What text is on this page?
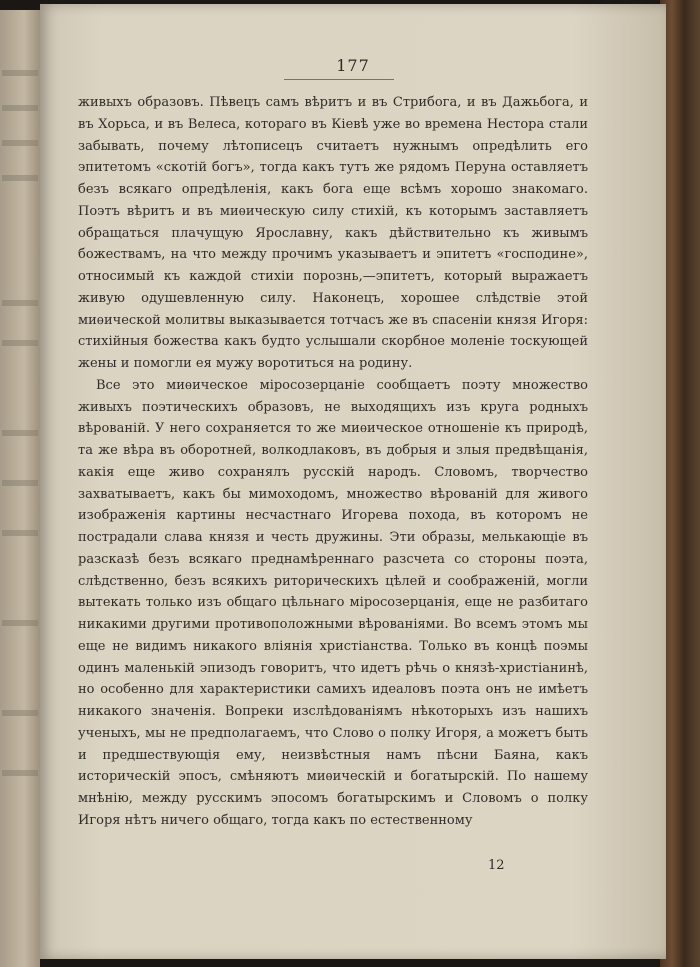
177

живыхъ образовъ. Пѣвецъ самъ вѣритъ и въ Стрибога, и въ Дажьбога, и въ Хорьса, и въ Велеса, котораго въ Кіевѣ уже во времена Нестора стали забывать, почему лѣтописецъ считаетъ нужнымъ опредѣлить его эпитетомъ «скотій богъ», тогда какъ тутъ же рядомъ Перуна оставляетъ безъ всякаго опредѣленія, какъ бога еще всѣмъ хорошо знакомаго. Поэтъ вѣритъ и въ миѳическую силу стихій, къ которымъ заставляетъ обращаться плачущую Ярославну, какъ дѣйствительно къ живымъ божествамъ, на что между прочимъ указываетъ и эпитетъ «господине», относимый къ каждой стихіи порознь,—эпитетъ, который выражаетъ живую одушевленную силу. Наконецъ, хорошее слѣдствіе этой миѳической молитвы выказывается тотчасъ же въ спасеніи князя Игоря: стихійныя божества какъ будто услышали скорбное моленіе тоскующей жены и помогли ея мужу воротиться на родину.

Все это миѳическое міросозерцаніе сообщаетъ поэту множество живыхъ поэтическихъ образовъ, не выходящихъ изъ круга родныхъ вѣрованій. У него сохраняется то же миѳическое отношеніе къ природѣ, та же вѣра въ оборотней, волкодлаковъ, въ добрыя и злыя предвѣщанія, какія еще живо сохранялъ русскій народъ. Словомъ, творчество захватываетъ, какъ бы мимоходомъ, множество вѣрованій для живого изображенія картины несчастнаго Игорева похода, въ которомъ не пострадали слава князя и честь дружины. Эти образы, мелькающіе въ разсказѣ безъ всякаго преднамѣреннаго разсчета со стороны поэта, слѣдственно, безъ всякихъ риторическихъ цѣлей и соображеній, могли вытекать только изъ общаго цѣльнаго міросозерцанія, еще не разбитаго никакими другими противоположными вѣрованіями. Во всемъ этомъ мы еще не видимъ никакого вліянія христіанства. Только въ концѣ поэмы одинъ маленькій эпизодъ говоритъ, что идетъ рѣчь о князѣ-христіанинѣ, но особенно для характеристики самихъ идеаловъ поэта онъ не имѣетъ никакого значенія. Вопреки изслѣдованіямъ нѣкоторыхъ изъ нашихъ ученыхъ, мы не предполагаемъ, что Слово о полку Игоря, а можетъ быть и предшествующія ему, неизвѣстныя намъ пѣсни Баяна, какъ историческій эпосъ, смѣняютъ миѳическій и богатырскій. По нашему мнѣнію, между русскимъ эпосомъ богатырскимъ и Словомъ о полку Игоря нѣтъ ничего общаго, тогда какъ по естественному

12
